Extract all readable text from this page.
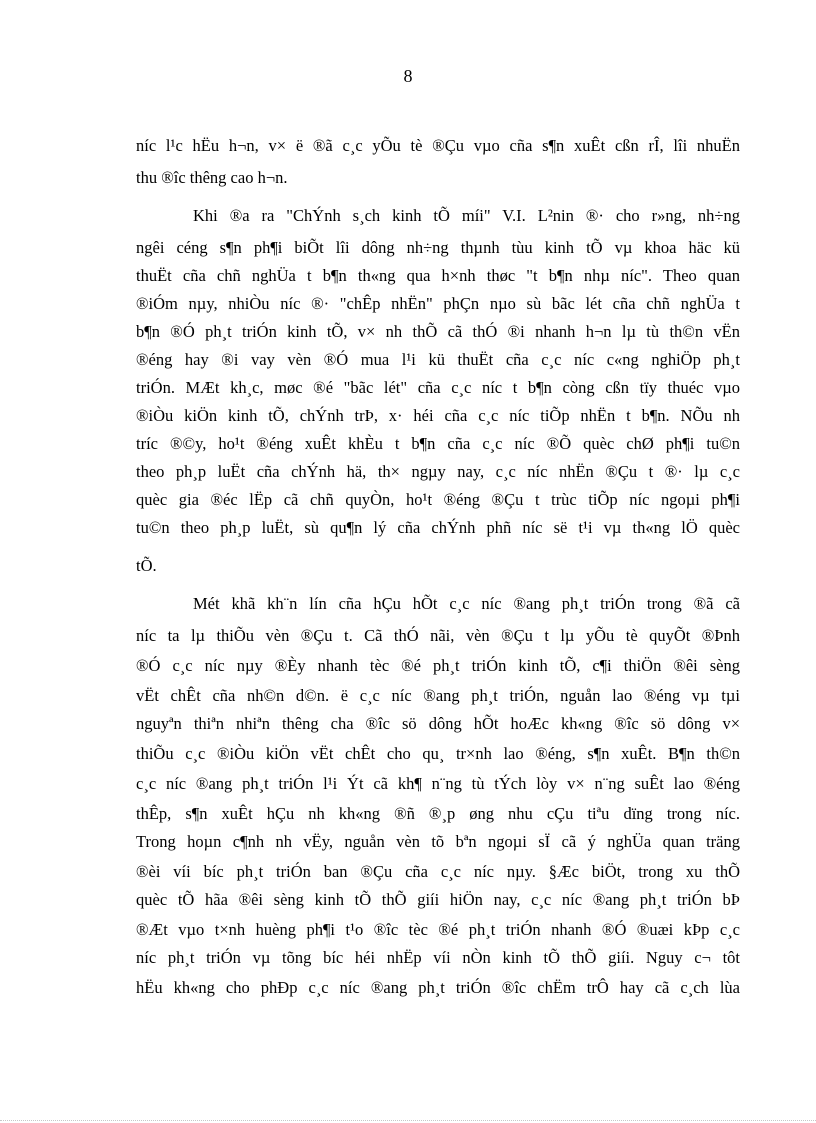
8
níc l¹c hËu h¬n, v× ë ®ã c¸c yÕu tè ®Çu vµo cña s¶n xuÊt cßn rÎ, lîi nhuËn
thu ®îc thêng cao h¬n.
Khi ®a ra "ChÝnh s¸ch kinh tÕ míi" V.I. L²nin ®· cho r»ng, nh÷ng
ngêi céng s¶n ph¶i biÕt lîi dông nh÷ng thµnh tùu kinh tÕ vµ khoa häc kü
thuËt cña chñ nghÜa t b¶n th«ng qua h×nh thøc "t b¶n nhµ níc". Theo quan
®iÓm nµy, nhiÒu níc ®· "chÊp nhËn" phÇn nµo sù bãc lét cña chñ nghÜa t
b¶n ®Ó ph¸t triÓn kinh tÕ, v× nh thÕ cã thÓ ®i nhanh h¬n lµ tù th©n vËn
®éng hay ®i vay vèn ®Ó mua l¹i kü thuËt cña c¸c níc c«ng nghiÖp ph¸t
triÓn. MÆt kh¸c, møc ®é "bãc lét" cña c¸c níc t b¶n còng cßn tïy thuéc vµo
®iÒu kiÖn kinh tÕ, chÝnh trÞ, x· héi cña c¸c níc tiÕp nhËn t b¶n. NÕu nh
tríc ®©y, ho¹t ®éng xuÊt khÈu t b¶n cña c¸c níc ®Õ quèc chØ ph¶i tu©n
theo ph¸p luËt cña chÝnh hä, th× ngµy nay, c¸c níc nhËn ®Çu t ®· lµ c¸c
quèc gia ®éc lËp cã chñ quyÒn, ho¹t ®éng ®Çu t trùc tiÕp níc ngoµi ph¶i
tu©n theo ph¸p luËt, sù qu¶n lý cña chÝnh phñ níc së t¹i vµ th«ng lÖ quèc
tÕ.
Mét khã kh¨n lín cña hÇu hÕt c¸c níc ®ang ph¸t triÓn trong ®ã cã
níc ta lµ thiÕu vèn ®Çu t. Cã thÓ nãi, vèn ®Çu t lµ yÕu tè quyÕt ®Þnh
®Ó c¸c níc nµy ®Èy nhanh tèc ®é ph¸t triÓn kinh tÕ, c¶i thiÖn ®êi sèng
vËt chÊt cña nh©n d©n. ë c¸c níc ®ang ph¸t triÓn, nguån lao ®éng vµ tµi
nguyªn thiªn nhiªn thêng cha ®îc sö dông hÕt hoÆc kh«ng ®îc sö dông v×
thiÕu c¸c ®iÒu kiÖn vËt chÊt cho qu¸ tr×nh lao ®éng, s¶n xuÊt. B¶n th©n
c¸c níc ®ang ph¸t triÓn l¹i Ýt cã kh¶ n¨ng tù tÝch lòy v× n¨ng suÊt lao ®éng
thÊp, s¶n xuÊt hÇu nh kh«ng ®ñ ®¸p øng nhu cÇu tiªu dïng trong níc.
Trong hoµn c¶nh nh vËy, nguån vèn tõ bªn ngoµi sÏ cã ý nghÜa quan träng
®èi víi bíc ph¸t triÓn ban ®Çu cña c¸c níc nµy. §Æc biÖt, trong xu thÕ
quèc tÕ hãa ®êi sèng kinh tÕ thÕ giíi hiÖn nay, c¸c níc ®ang ph¸t triÓn bÞ
®Æt vµo t×nh huèng ph¶i t¹o ®îc tèc ®é ph¸t triÓn nhanh ®Ó ®uæi kÞp c¸c
níc ph¸t triÓn vµ tõng bíc héi nhËp víi nÒn kinh tÕ thÕ giíi. Nguy c¬ tôt
hËu kh«ng cho phÐp c¸c níc ®ang ph¸t triÓn ®îc chËm trÔ hay cã c¸ch lùa
